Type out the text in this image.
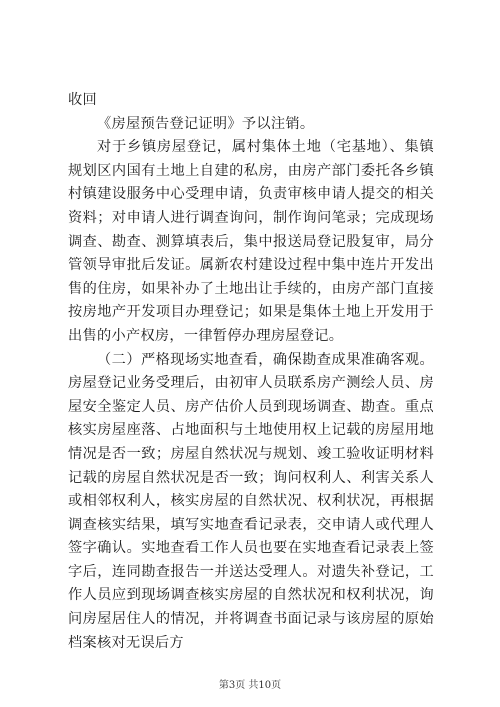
收回

《房屋预告登记证明》予以注销。

对于乡镇房屋登记，属村集体土地（宅基地）、集镇规划区内国有土地上自建的私房，由房产部门委托各乡镇村镇建设服务中心受理申请，负责审核申请人提交的相关资料；对申请人进行调查询问，制作询问笔录；完成现场调查、勘查、测算填表后，集中报送局登记股复审，局分管领导审批后发证。属新农村建设过程中集中连片开发出售的住房，如果补办了土地出让手续的，由房产部门直接按房地产开发项目办理登记；如果是集体土地上开发用于出售的小产权房，一律暂停办理房屋登记。

（二）严格现场实地查看，确保勘查成果准确客观。房屋登记业务受理后，由初审人员联系房产测绘人员、房屋安全鉴定人员、房产估价人员到现场调查、勘查。重点核实房屋座落、占地面积与土地使用权上记载的房屋用地情况是否一致；房屋自然状况与规划、竣工验收证明材料记载的房屋自然状况是否一致；询问权利人、利害关系人或相邻权利人，核实房屋的自然状况、权利状况，再根据调查核实结果，填写实地查看记录表，交申请人或代理人签字确认。实地查看工作人员也要在实地查看记录表上签字后，连同勘查报告一并送达受理人。对遗失补登记，工作人员应到现场调查核实房屋的自然状况和权利状况，询问房屋居住人的情况，并将调查书面记录与该房屋的原始档案核对无误后方

第3页 共10页
